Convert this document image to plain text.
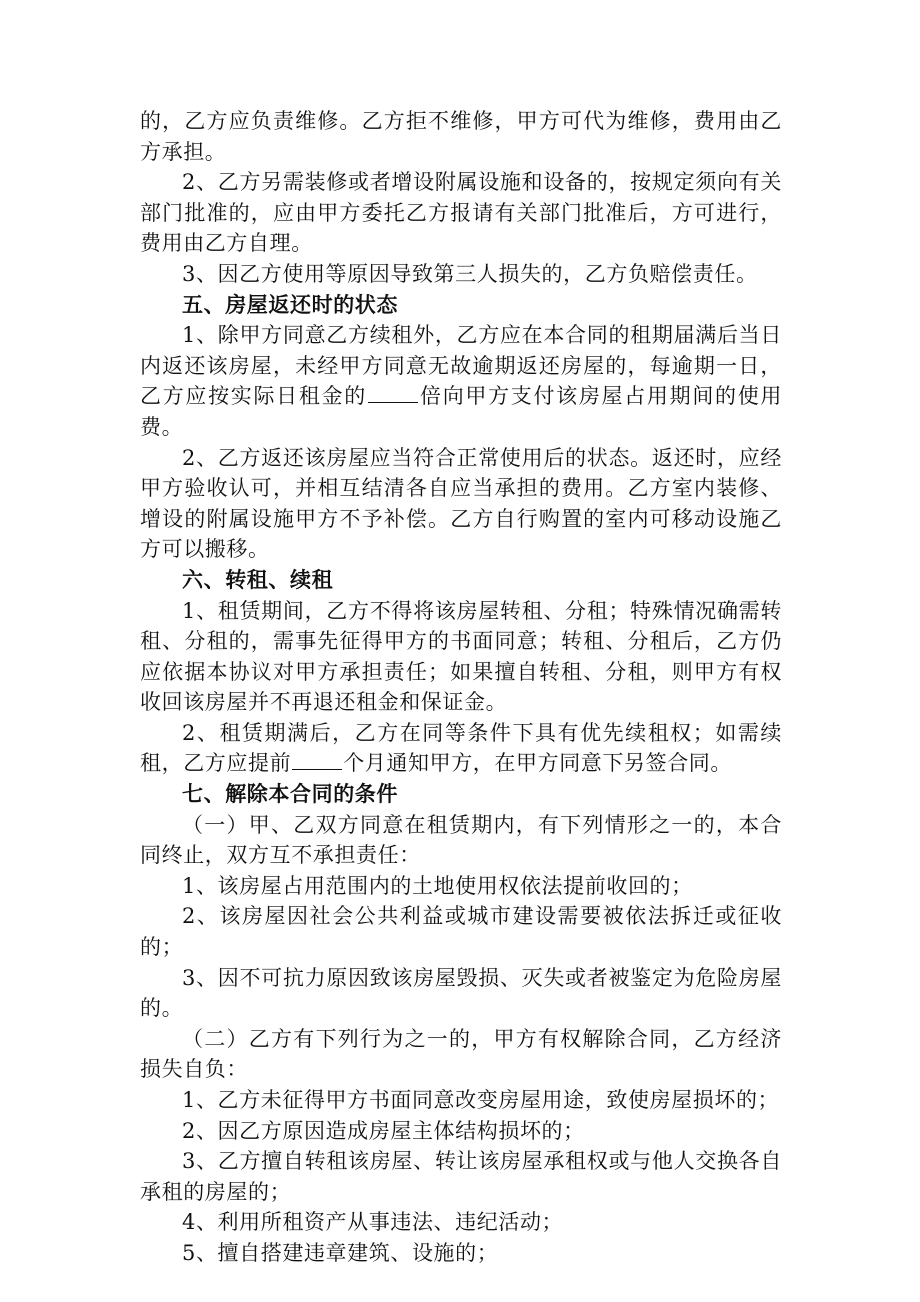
的，乙方应负责维修。乙方拒不维修，甲方可代为维修，费用由乙方承担。

2、乙方另需装修或者增设附属设施和设备的，按规定须向有关部门批准的，应由甲方委托乙方报请有关部门批准后，方可进行，费用由乙方自理。

3、因乙方使用等原因导致第三人损失的，乙方负赔偿责任。

五、房屋返还时的状态

1、除甲方同意乙方续租外，乙方应在本合同的租期届满后当日内返还该房屋，未经甲方同意无故逾期返还房屋的，每逾期一日，乙方应按实际日租金的 倍向甲方支付该房屋占用期间的使用费。

2、乙方返还该房屋应当符合正常使用后的状态。返还时，应经甲方验收认可，并相互结清各自应当承担的费用。乙方室内装修、增设的附属设施甲方不予补偿。乙方自行购置的室内可移动设施乙方可以搬移。

六、转租、续租

1、租赁期间，乙方不得将该房屋转租、分租；特殊情况确需转租、分租的，需事先征得甲方的书面同意；转租、分租后，乙方仍应依据本协议对甲方承担责任；如果擅自转租、分租，则甲方有权收回该房屋并不再退还租金和保证金。

2、租赁期满后，乙方在同等条件下具有优先续租权；如需续租，乙方应提前 个月通知甲方，在甲方同意下另签合同。

七、解除本合同的条件

（一）甲、乙双方同意在租赁期内，有下列情形之一的，本合同终止，双方互不承担责任：

1、该房屋占用范围内的土地使用权依法提前收回的；

2、该房屋因社会公共利益或城市建设需要被依法拆迁或征收的；

3、因不可抗力原因致该房屋毁损、灭失或者被鉴定为危险房屋的。

（二）乙方有下列行为之一的，甲方有权解除合同，乙方经济损失自负：

1、乙方未征得甲方书面同意改变房屋用途，致使房屋损坏的；

2、因乙方原因造成房屋主体结构损坏的；

3、乙方擅自转租该房屋、转让该房屋承租权或与他人交换各自承租的房屋的；

4、利用所租资产从事违法、违纪活动；

5、擅自搭建违章建筑、设施的；
